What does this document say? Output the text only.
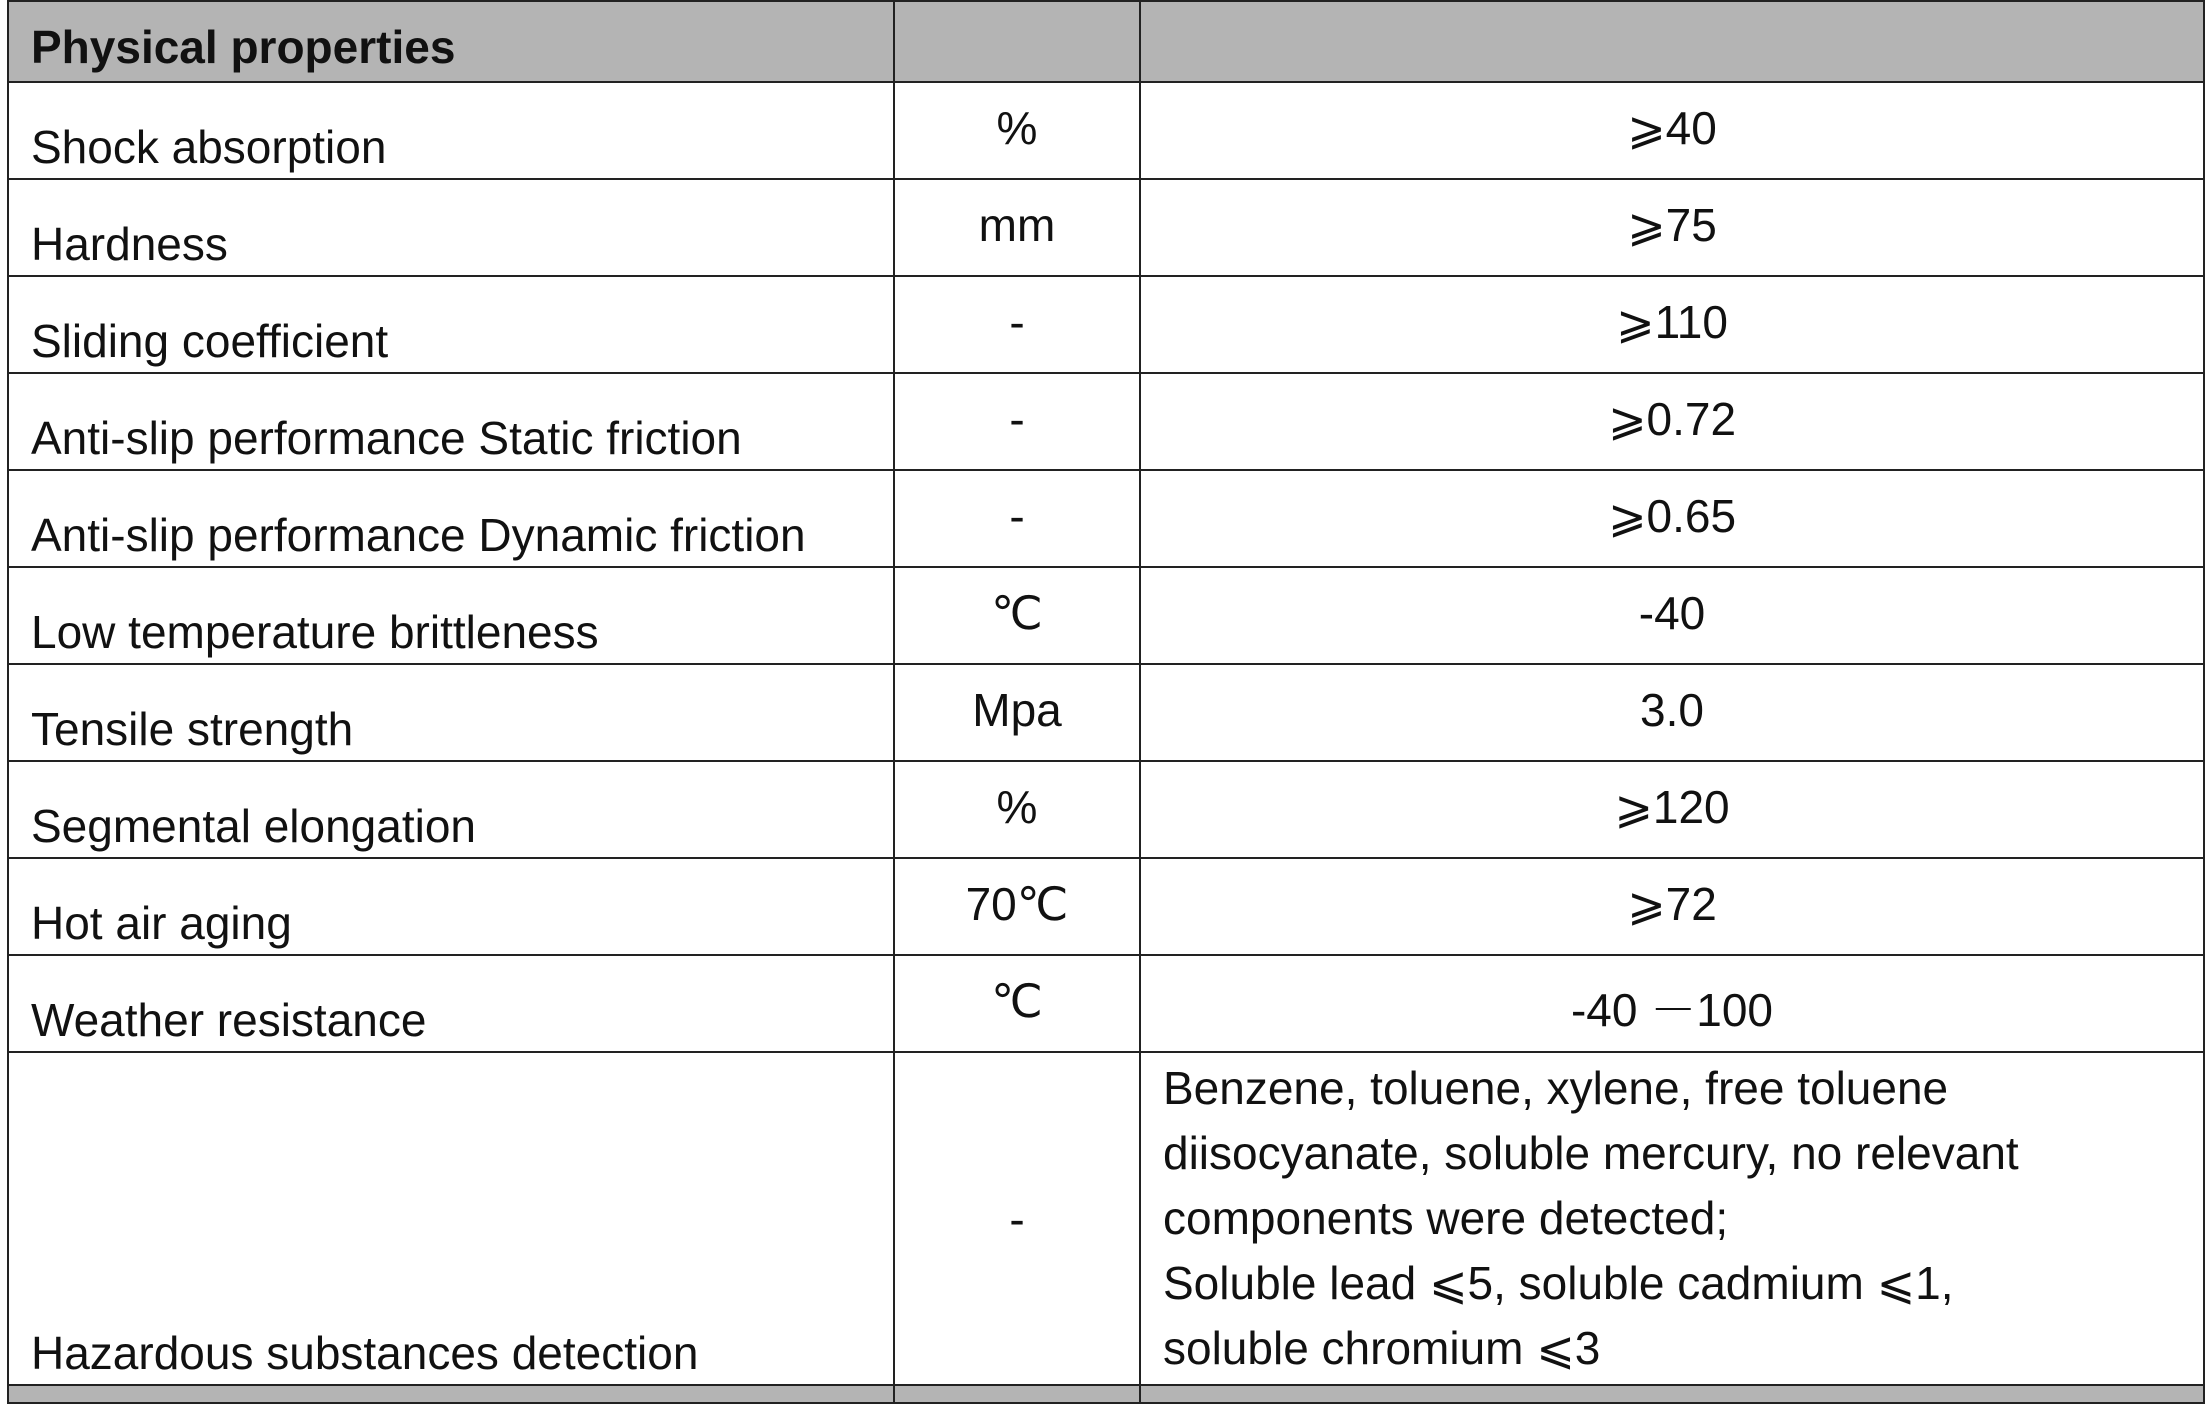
Physical properties		
Shock absorption	%	⩾40
Hardness	mm	⩾75
Sliding coefficient	-	⩾110
Anti-slip performance Static friction	-	⩾0.72
Anti-slip performance Dynamic friction	-	⩾0.65
Low temperature brittleness	℃	-40
Tensile strength	Mpa	3.0
Segmental elongation	%	⩾120
Hot air aging	70℃	⩾72
Weather resistance	℃	-40 －100
Hazardous substances detection	-	Benzene, toluene, xylene, free toluene
diisocyanate, soluble mercury, no relevant
components were detected;
Soluble lead ⩽5, soluble cadmium ⩽1,
soluble chromium ⩽3
